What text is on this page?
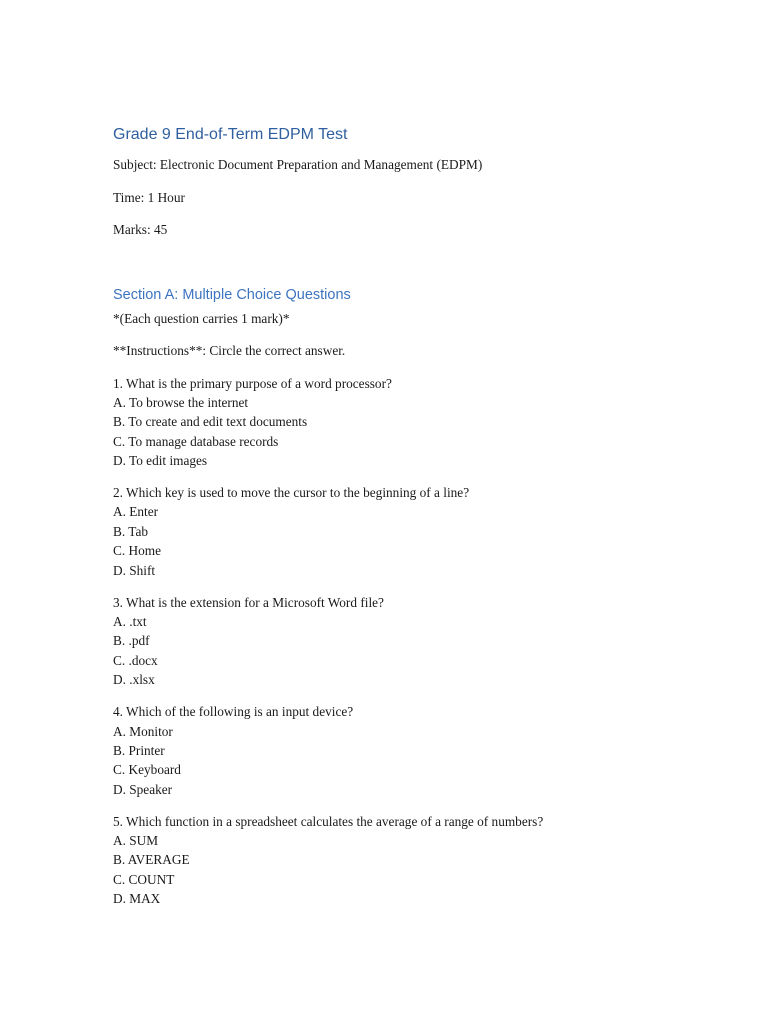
Grade 9 End-of-Term EDPM Test

Subject: Electronic Document Preparation and Management (EDPM)

Time: 1 Hour

Marks: 45

Section A: Multiple Choice Questions

*(Each question carries 1 mark)*

**Instructions**: Circle the correct answer.

1. What is the primary purpose of a word processor?
A. To browse the internet
B. To create and edit text documents
C. To manage database records
D. To edit images
2. Which key is used to move the cursor to the beginning of a line?
A. Enter
B. Tab
C. Home
D. Shift
3. What is the extension for a Microsoft Word file?
A. .txt
B. .pdf
C. .docx
D. .xlsx
4. Which of the following is an input device?
A. Monitor
B. Printer
C. Keyboard
D. Speaker
5. Which function in a spreadsheet calculates the average of a range of numbers?
A. SUM
B. AVERAGE
C. COUNT
D. MAX
